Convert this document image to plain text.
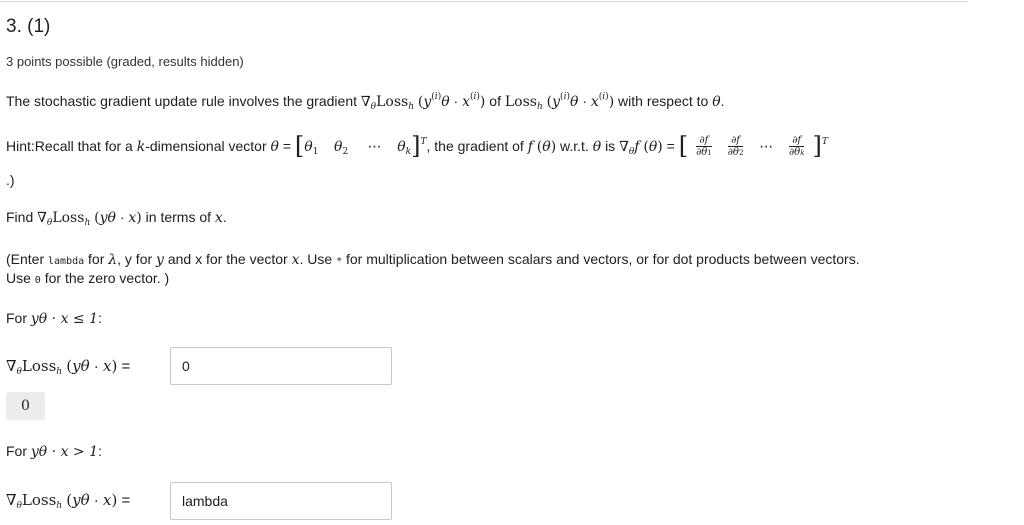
3. (1)
3 points possible (graded, results hidden)
The stochastic gradient update rule involves the gradient $\nabla_\theta Loss_h$ $(y^{(i)}\theta \cdot x^{(i)})$ of Loss$_h$ $(y^{(i)}\theta \cdot x^{(i)})$ with respect to θ.
Hint:Recall that for a k-dimensional vector $\theta = [\theta_1$ $\theta_2$     ⋯    $\theta_k]^T$, the gradient of f (θ) w.r.t. θ is $\nabla_\theta f$ (θ) = [ $\frac{\partial f}{\partial\theta 1} \frac{\partial f}{\partial\theta 2}$ ⋯ $\frac{\partial f}{\partial\theta k} ]^T$
.)
Find $\nabla_\theta Loss_h$ (yθ · x) in terms of x.
(Enter lambda for λ, y for y and x for the vector x. Use * for multiplication between scalars and vectors, or for dot products between vectors.
Use 0 for the zero vector. )
For yθ · x ≤ 1:
$\nabla_\theta Loss_h$ (yθ · x) =
0
0
For yθ · x > 1:
$\nabla_\theta Loss_h$ (yθ · x) =
lambda
